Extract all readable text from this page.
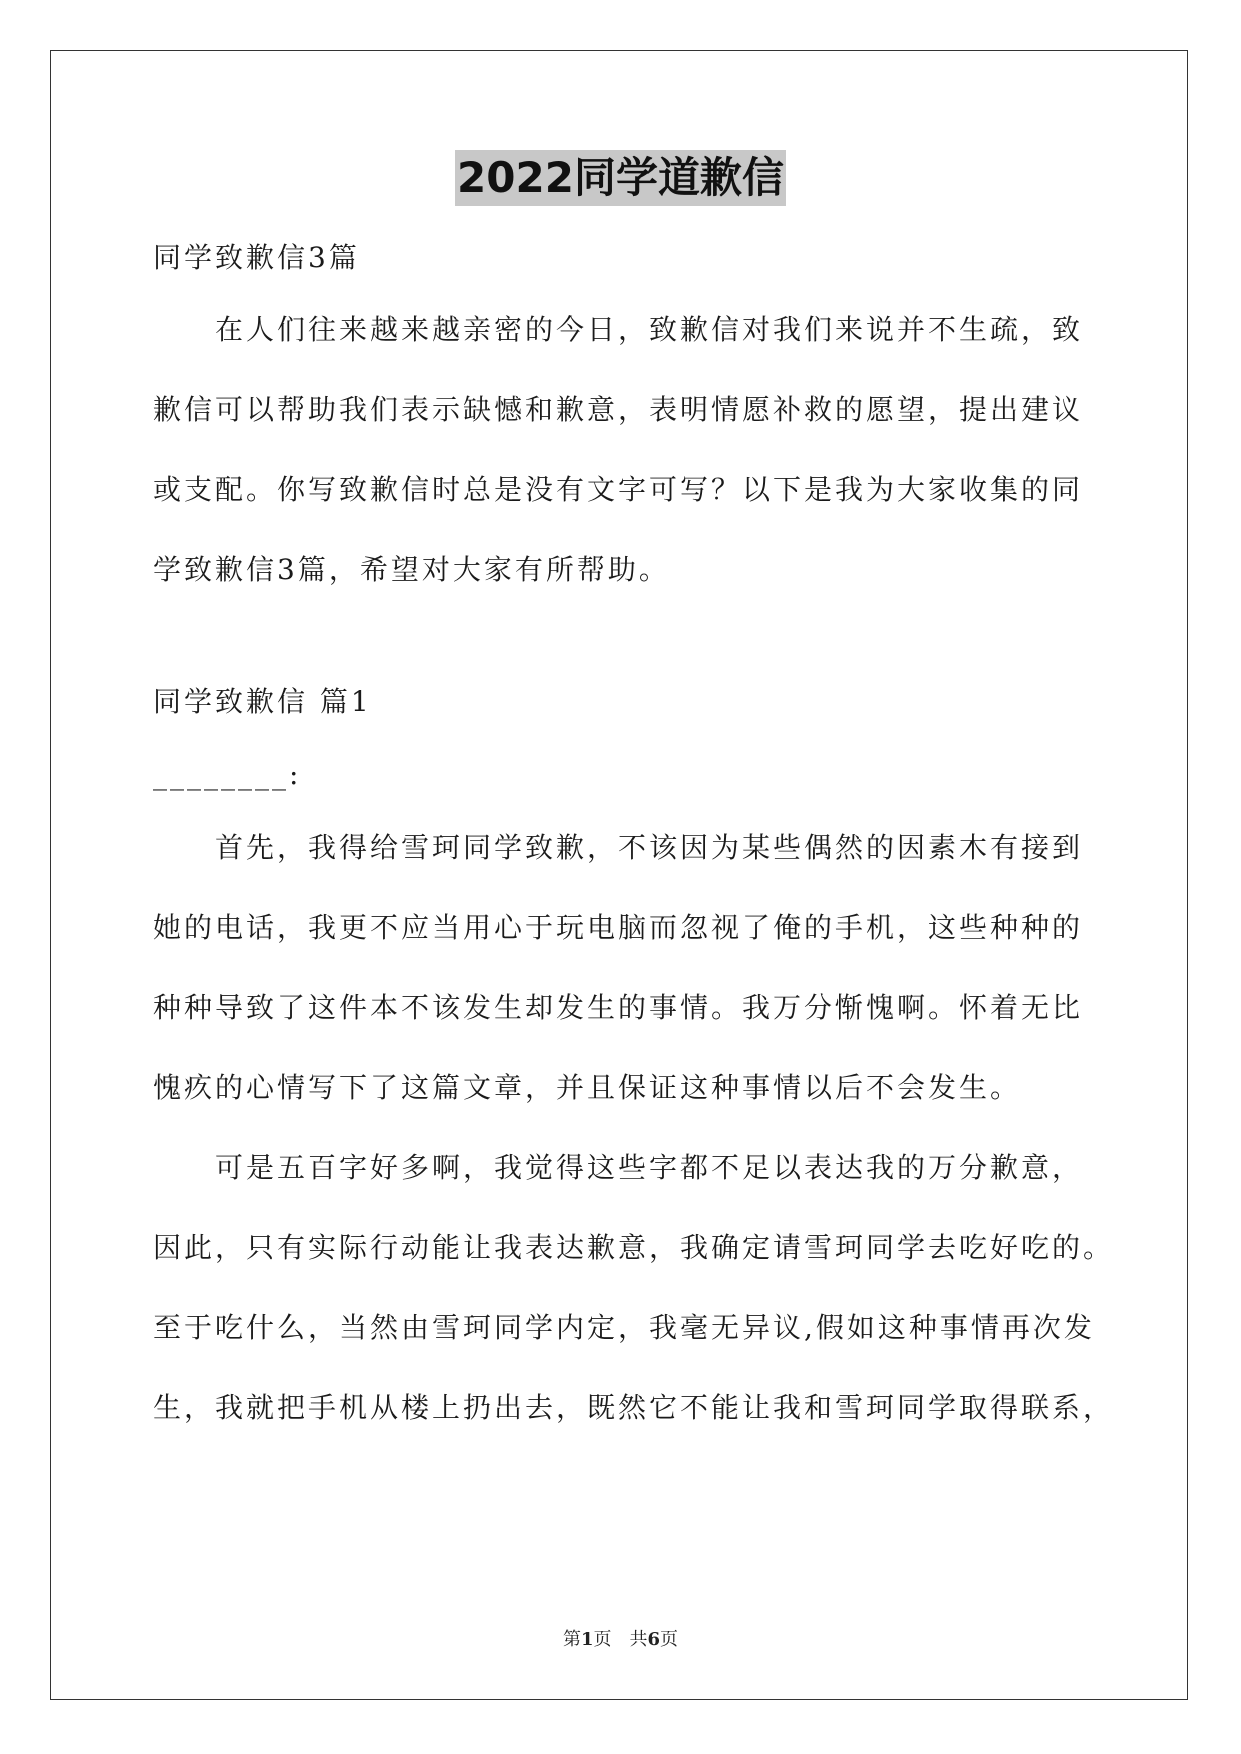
2022同学道歉信
同学致歉信3篇
在人们往来越来越亲密的今日，致歉信对我们来说并不生疏，致
歉信可以帮助我们表示缺憾和歉意，表明情愿补救的愿望，提出建议
或支配。你写致歉信时总是没有文字可写？以下是我为大家收集的同
学致歉信3篇，希望对大家有所帮助。
同学致歉信 篇1
________:
首先，我得给雪珂同学致歉，不该因为某些偶然的因素木有接到
她的电话，我更不应当用心于玩电脑而忽视了俺的手机，这些种种的
种种导致了这件本不该发生却发生的事情。我万分惭愧啊。怀着无比
愧疚的心情写下了这篇文章，并且保证这种事情以后不会发生。
可是五百字好多啊，我觉得这些字都不足以表达我的万分歉意，
因此，只有实际行动能让我表达歉意，我确定请雪珂同学去吃好吃的。
至于吃什么，当然由雪珂同学内定，我毫无异议,假如这种事情再次发
生，我就把手机从楼上扔出去，既然它不能让我和雪珂同学取得联系，
第1页　共6页
